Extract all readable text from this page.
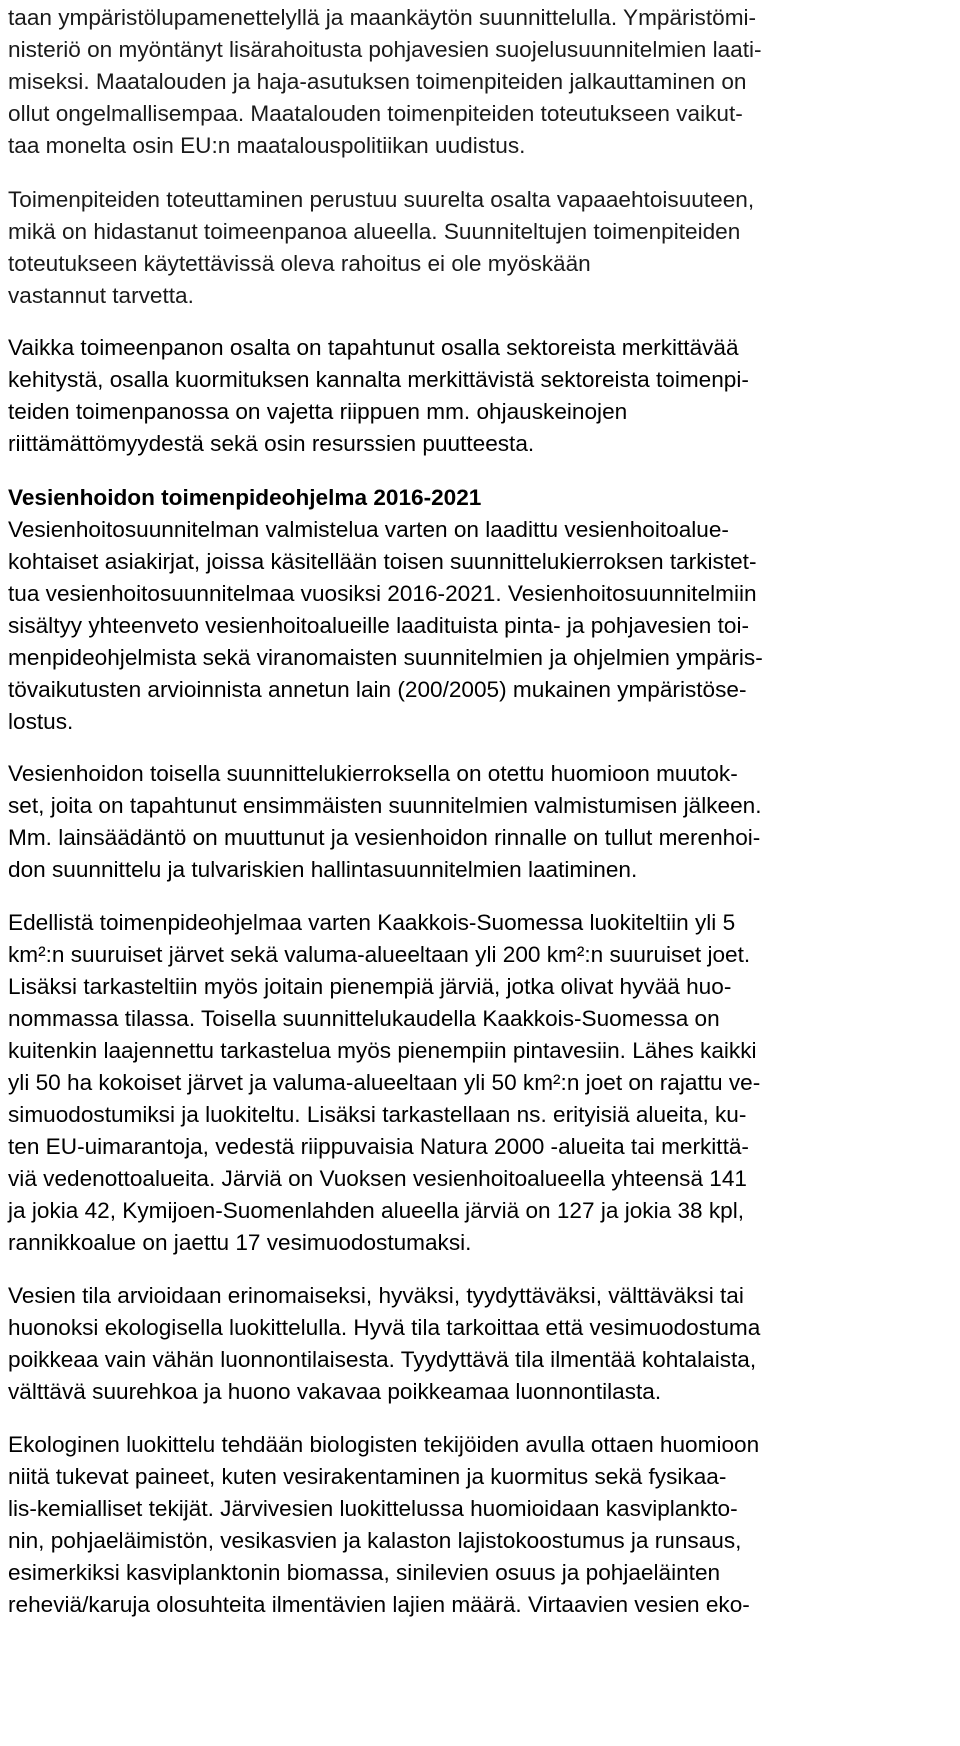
taan ympäristölupamenettelyllä ja maankäytön suunnittelulla. Ympäristömi-
nisteriö on myöntänyt lisärahoitusta pohjavesien suojelusuunnitelmien laati-
miseksi. Maatalouden ja haja-asutuksen toimenpiteiden jalkauttaminen on
ollut ongelmallisempaa. Maatalouden toimenpiteiden toteutukseen vaikut-
taa monelta osin EU:n maatalouspolitiikan uudistus.
Toimenpiteiden toteuttaminen perustuu suurelta osalta vapaaehtoisuuteen,
mikä on hidastanut toimeenpanoa alueella. Suunniteltujen toimenpiteiden
toteutukseen käytettävissä oleva rahoitus ei ole myöskään
vastannut tarvetta.
Vaikka toimeenpanon osalta on tapahtunut osalla sektoreista merkittävää
kehitystä, osalla kuormituksen kannalta merkittävistä sektoreista toimenpi-
teiden toimenpanossa on vajetta riippuen mm. ohjauskeinojen
riittämättömyydestä sekä osin resurssien puutteesta.
Vesienhoidon toimenpideohjelma 2016-2021
Vesienhoitosuunnitelman valmistelua varten on laadittu vesienhoitoalue-
kohtaiset asiakirjat, joissa käsitellään toisen suunnittelukierroksen tarkistet-
tua vesienhoitosuunnitelmaa vuosiksi 2016-2021. Vesienhoitosuunnitelmiin
sisältyy yhteenveto vesienhoitoalueille laadituista pinta- ja pohjavesien toi-
menpideohjelmista sekä viranomaisten suunnitelmien ja ohjelmien ympäris-
tövaikutusten arvioinnista annetun lain (200/2005) mukainen ympäristöse-
lostus.
Vesienhoidon toisella suunnittelukierroksella on otettu huomioon muutok-
set, joita on tapahtunut ensimmäisten suunnitelmien valmistumisen jälkeen.
Mm. lainsäädäntö on muuttunut ja vesienhoidon rinnalle on tullut merenhoi-
don suunnittelu ja tulvariskien hallintasuunnitelmien laatiminen.
Edellistä toimenpideohjelmaa varten Kaakkois-Suomessa luokiteltiin yli 5
km²:n suuruiset järvet sekä valuma-alueeltaan yli 200 km²:n suuruiset joet.
Lisäksi tarkasteltiin myös joitain pienempiä järviä, jotka olivat hyvää huo-
nommassa tilassa. Toisella suunnittelukaudella Kaakkois-Suomessa on
kuitenkin laajennettu tarkastelua myös pienempiin pintavesiin. Lähes kaikki
yli 50 ha kokoiset järvet ja valuma-alueeltaan yli 50 km²:n joet on rajattu ve-
simuodostumiksi ja luokiteltu. Lisäksi tarkastellaan ns. erityisiä alueita, ku-
ten EU-uimarantoja, vedestä riippuvaisia Natura 2000 -alueita tai merkittä-
viä vedenottoalueita. Järviä on Vuoksen vesienhoitoalueella yhteensä 141
ja jokia 42, Kymijoen-Suomenlahden alueella järviä on 127 ja jokia 38 kpl,
rannikkoalue on jaettu 17 vesimuodostumaksi.
Vesien tila arvioidaan erinomaiseksi, hyväksi, tyydyttäväksi, välttäväksi tai
huonoksi ekologisella luokittelulla. Hyvä tila tarkoittaa että vesimuodostuma
poikkeaa vain vähän luonnontilaisesta. Tyydyttävä tila ilmentää kohtalaista,
välttävä suurehkoa ja huono vakavaa poikkeamaa luonnontilasta.
Ekologinen luokittelu tehdään biologisten tekijöiden avulla ottaen huomioon
niitä tukevat paineet, kuten vesirakentaminen ja kuormitus sekä fysikaa-
lis-kemialliset tekijät. Järvivesien luokittelussa huomioidaan kasviplankto-
nin, pohjaeläimistön, vesikasvien ja kalaston lajistokoostumus ja runsaus,
esimerkiksi kasviplanktonin biomassa, sinilevien osuus ja pohjaeläinten
reheviä/karuja olosuhteita ilmentävien lajien määrä. Virtaavien vesien eko-
